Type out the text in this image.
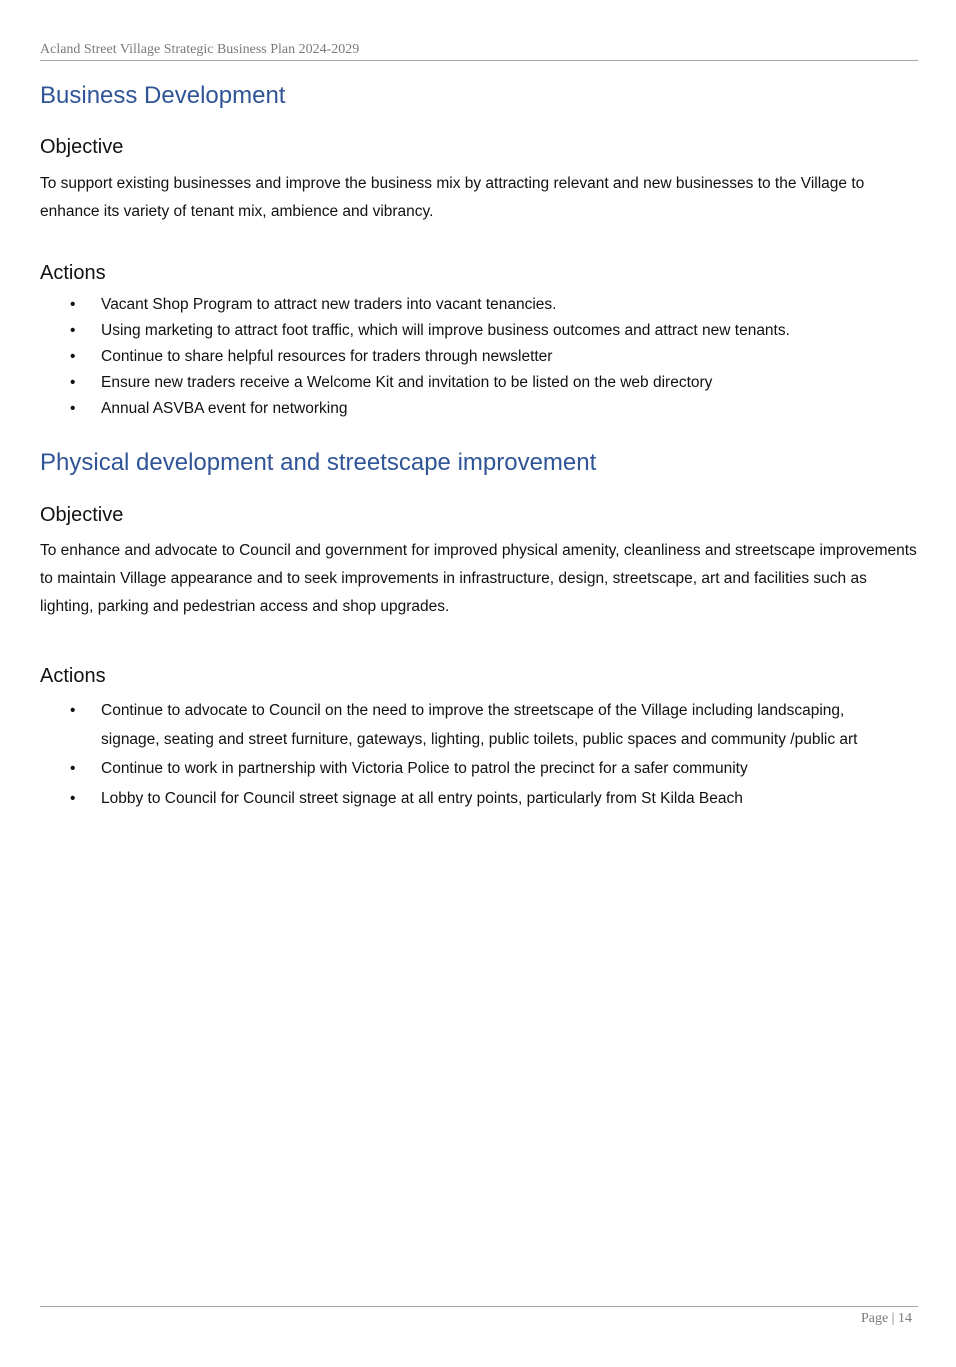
Acland Street Village Strategic Business Plan 2024-2029
Business Development
Objective

To support existing businesses and improve the business mix by attracting relevant and new businesses to the Village to enhance its variety of tenant mix, ambience and vibrancy.

Actions
• Vacant Shop Program to attract new traders into vacant tenancies.
• Using marketing to attract foot traffic, which will improve business outcomes and attract new tenants.
• Continue to share helpful resources for traders through newsletter
• Ensure new traders receive a Welcome Kit and invitation to be listed on the web directory
• Annual ASVBA event for networking
Physical development and streetscape improvement
Objective

To enhance and advocate to Council and government for improved physical amenity, cleanliness and streetscape improvements to maintain Village appearance and to seek improvements in infrastructure, design, streetscape, art and facilities such as lighting, parking and pedestrian access and shop upgrades.

Actions
• Continue to advocate to Council on the need to improve the streetscape of the Village including landscaping, signage, seating and street furniture, gateways, lighting, public toilets, public spaces and community /public art
• Continue to work in partnership with Victoria Police to patrol the precinct for a safer community
• Lobby to Council for Council street signage at all entry points, particularly from St Kilda Beach
Page | 14
